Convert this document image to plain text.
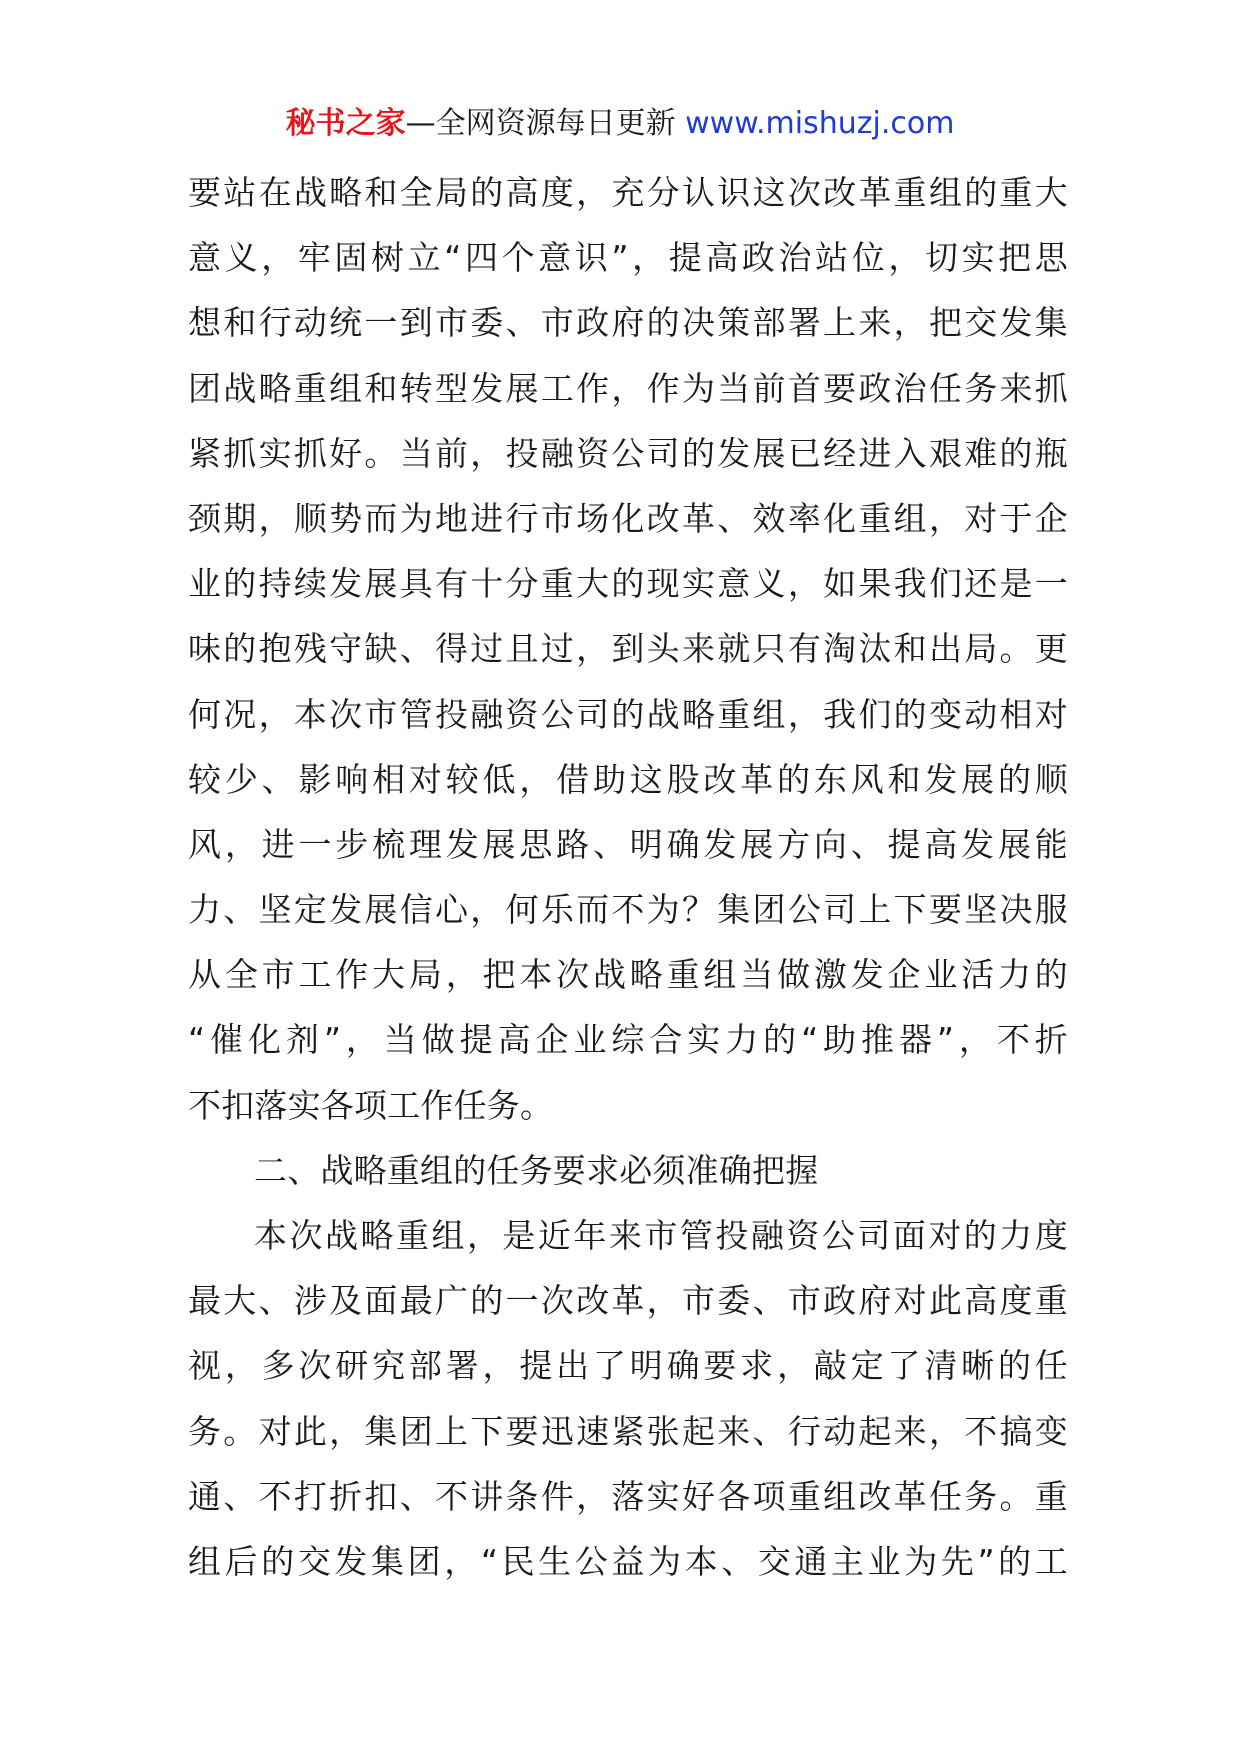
秘书之家—全网资源每日更新 www.mishuzj.com
要站在战略和全局的高度，充分认识这次改革重组的重大
意义，牢固树立“四个意识”，提高政治站位，切实把思
想和行动统一到市委、市政府的决策部署上来，把交发集
团战略重组和转型发展工作，作为当前首要政治任务来抓
紧抓实抓好。当前，投融资公司的发展已经进入艰难的瓶
颈期，顺势而为地进行市场化改革、效率化重组，对于企
业的持续发展具有十分重大的现实意义，如果我们还是一
味的抱残守缺、得过且过，到头来就只有淘汰和出局。更
何况，本次市管投融资公司的战略重组，我们的变动相对
较少、影响相对较低，借助这股改革的东风和发展的顺
风，进一步梳理发展思路、明确发展方向、提高发展能
力、坚定发展信心，何乐而不为？集团公司上下要坚决服
从全市工作大局，把本次战略重组当做激发企业活力的
“催化剂”，当做提高企业综合实力的“助推器”，不折
不扣落实各项工作任务。
二、战略重组的任务要求必须准确把握
本次战略重组，是近年来市管投融资公司面对的力度
最大、涉及面最广的一次改革，市委、市政府对此高度重
视，多次研究部署，提出了明确要求，敲定了清晰的任
务。对此，集团上下要迅速紧张起来、行动起来，不搞变
通、不打折扣、不讲条件，落实好各项重组改革任务。重
组后的交发集团，“民生公益为本、交通主业为先”的工
